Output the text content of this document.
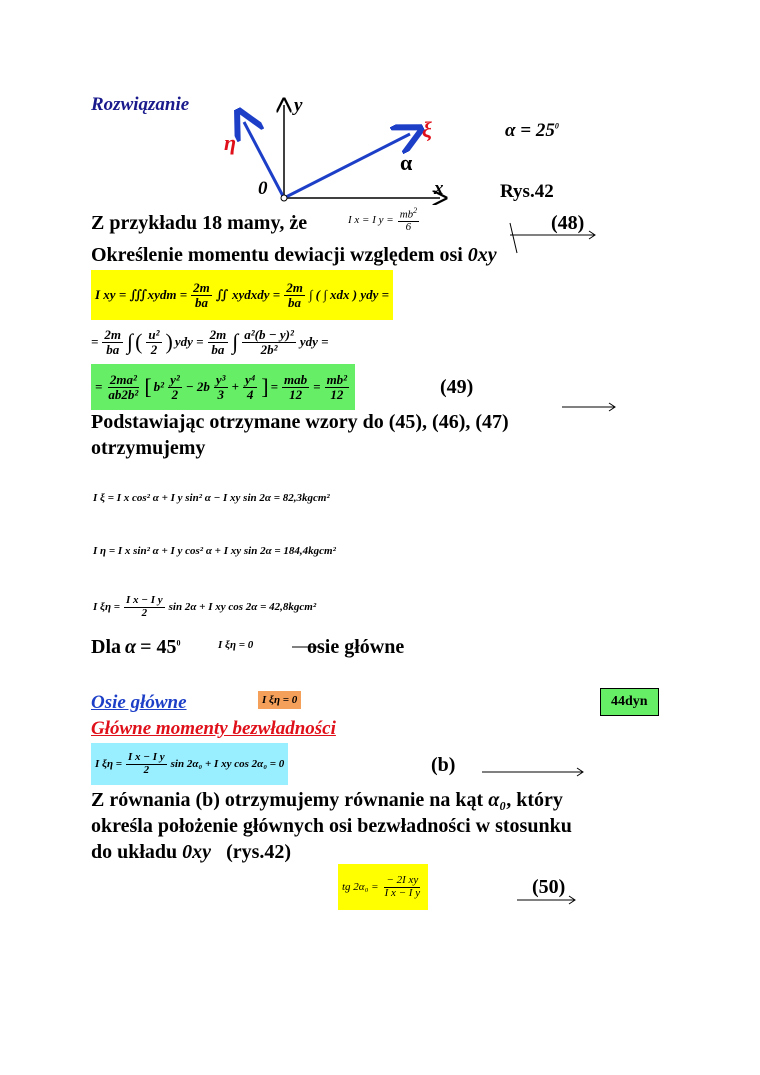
Rozwiązanie	y
x
η
ξ
α
0
$\alpha = 25^0$
Rys.42
Z przykładu 18 mamy, że	I x = I $y = \frac{mb^2}{6}$	(48)
Określenie momentu dewiacji względem osi 0xy
I xy = ∭xydm = $\frac{2m}{ba}$ ∬ xydxdy = $\frac{2m}{ba}$ ∫ ( ∫ xdx ) ydy =
= $\frac{2m}{ba}$ ∫ ( u²
2 ) ydy = $\frac{2m}{ba}$ ∫ a²(b − y)²
2b² ydy =
= $\frac{\text{2ma²}}{\text{ab2b²}}$ [ b² y²
2 − 2b y³
$3 + \frac{\text{y⁴}}{4}$ ] = mab
$12 = \frac{\text{mb²}}{12}$	(49)
Podstawiając otrzymane wzory do (45), (46), (47)
otrzymujemy
I ξ = I x cos² α + I y sin² α − I xy sin 2α = 82,3kgcm²
I η = I x sin² α + I y cos² α + I xy sin 2α = 184,4kgcm²
I $\xi\eta = \frac{\text{I x − I y}}{2}$ sin 2α + I xy cos 2α = 42,8kgcm²
Dla $\alpha = 45^0$	I ξη = 0	osie główne
Osie główne	I ξη = 0	44dyn
Główne momenty bezwładności
I $\xi\eta = \frac{\text{I x − I y}}{2}$ sin 2α₀ + I xy cos 2α₀ = 0	(b)
Z równania (b) otrzymujemy równanie na kąt α₀, który
określa położenie głównych osi bezwładności w stosunku
do układu 0xy (rys.42)
tg $2\alpha_0 = \frac{\text{− 2I xy}}{\text{I x − I y}}$	(50)
